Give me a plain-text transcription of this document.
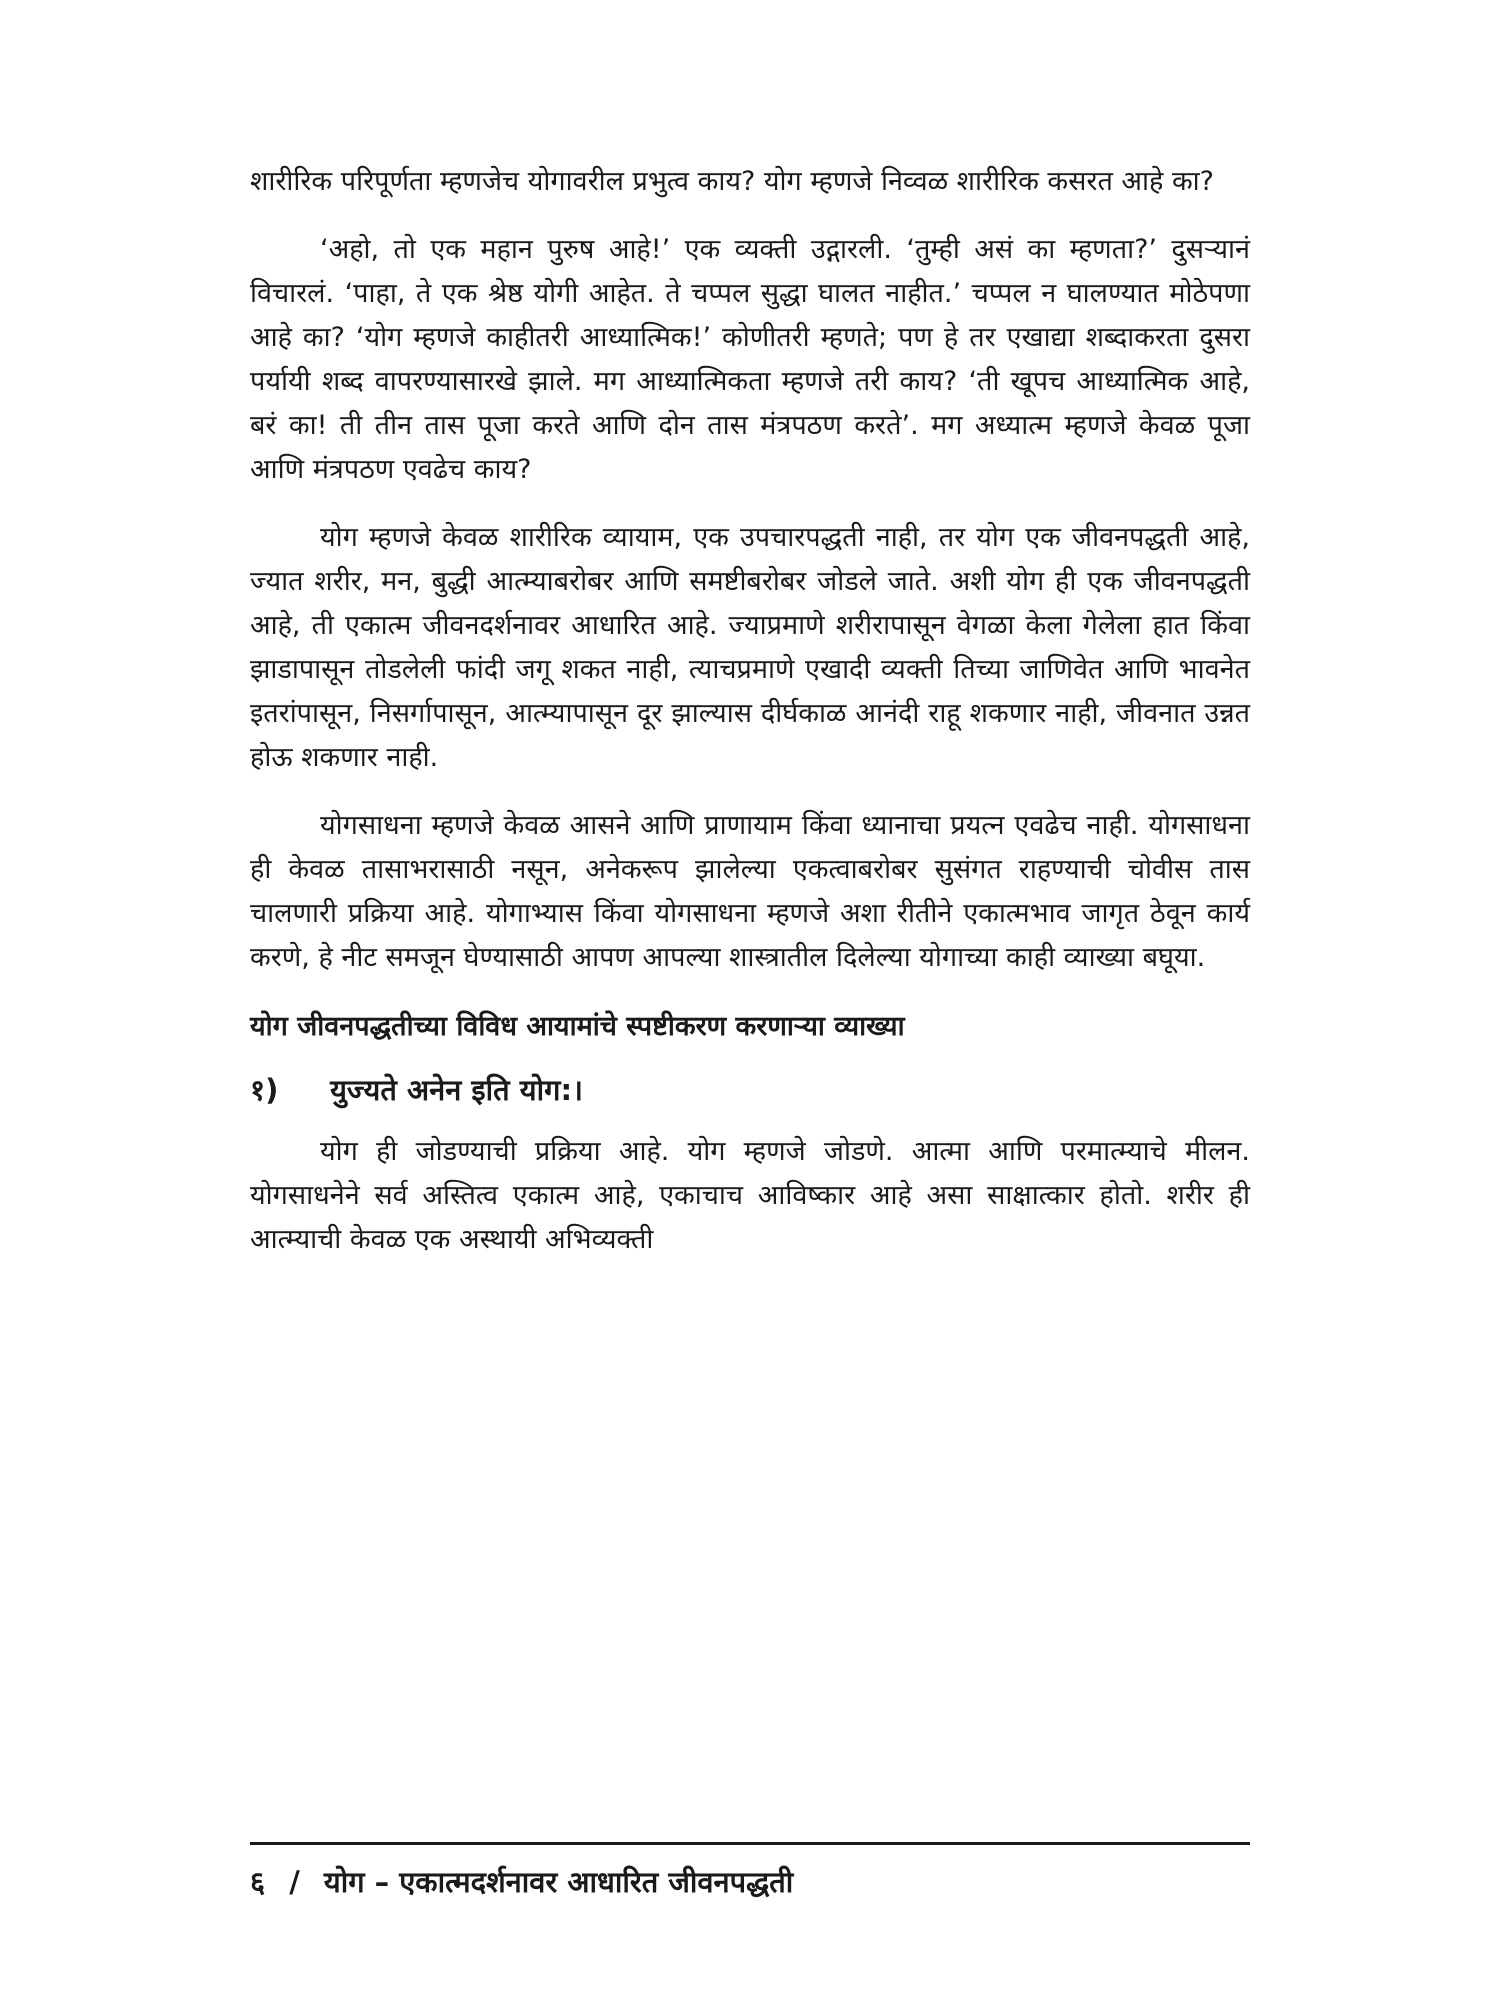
शारीरिक परिपूर्णता म्हणजेच योगावरील प्रभुत्व काय? योग म्हणजे निव्वळ शारीरिक कसरत आहे का?

‘अहो, तो एक महान पुरुष आहे!’ एक व्यक्ती उद्गारली. ‘तुम्ही असं का म्हणता?’ दुसऱ्यानं विचारलं. ‘पाहा, ते एक श्रेष्ठ योगी आहेत. ते चप्पल सुद्धा घालत नाहीत.’ चप्पल न घालण्यात मोठेपणा आहे का? ‘योग म्हणजे काहीतरी आध्यात्मिक!’ कोणीतरी म्हणते; पण हे तर एखाद्या शब्दाकरता दुसरा पर्यायी शब्द वापरण्यासारखे झाले. मग आध्यात्मिकता म्हणजे तरी काय? ‘ती खूपच आध्यात्मिक आहे, बरं का! ती तीन तास पूजा करते आणि दोन तास मंत्रपठण करते’. मग अध्यात्म म्हणजे केवळ पूजा आणि मंत्रपठण एवढेच काय?

योग म्हणजे केवळ शारीरिक व्यायाम, एक उपचारपद्धती नाही, तर योग एक जीवनपद्धती आहे, ज्यात शरीर, मन, बुद्धी आत्म्याबरोबर आणि समष्टीबरोबर जोडले जाते. अशी योग ही एक जीवनपद्धती आहे, ती एकात्म जीवनदर्शनावर आधारित आहे. ज्याप्रमाणे शरीरापासून वेगळा केला गेलेला हात किंवा झाडापासून तोडलेली फांदी जगू शकत नाही, त्याचप्रमाणे एखादी व्यक्ती तिच्या जाणिवेत आणि भावनेत इतरांपासून, निसर्गापासून, आत्म्यापासून दूर झाल्यास दीर्घकाळ आनंदी राहू शकणार नाही, जीवनात उन्नत होऊ शकणार नाही.

योगसाधना म्हणजे केवळ आसने आणि प्राणायाम किंवा ध्यानाचा प्रयत्न एवढेच नाही. योगसाधना ही केवळ तासाभरासाठी नसून, अनेकरूप झालेल्या एकत्वाबरोबर सुसंगत राहण्याची चोवीस तास चालणारी प्रक्रिया आहे. योगाभ्यास किंवा योगसाधना म्हणजे अशा रीतीने एकात्मभाव जागृत ठेवून कार्य करणे, हे नीट समजून घेण्यासाठी आपण आपल्या शास्त्रातील दिलेल्या योगाच्या काही व्याख्या बघूया.

योग जीवनपद्धतीच्या विविध आयामांचे स्पष्टीकरण करणाऱ्या व्याख्या
१) युज्यते अनेन इति योग:।

योग ही जोडण्याची प्रक्रिया आहे. योग म्हणजे जोडणे. आत्मा आणि परमात्म्याचे मीलन. योगसाधनेने सर्व अस्तित्व एकात्म आहे, एकाचाच आविष्कार आहे असा साक्षात्कार होतो. शरीर ही आत्म्याची केवळ एक अस्थायी अभिव्यक्ती

६ / योग – एकात्मदर्शनावर आधारित जीवनपद्धती
